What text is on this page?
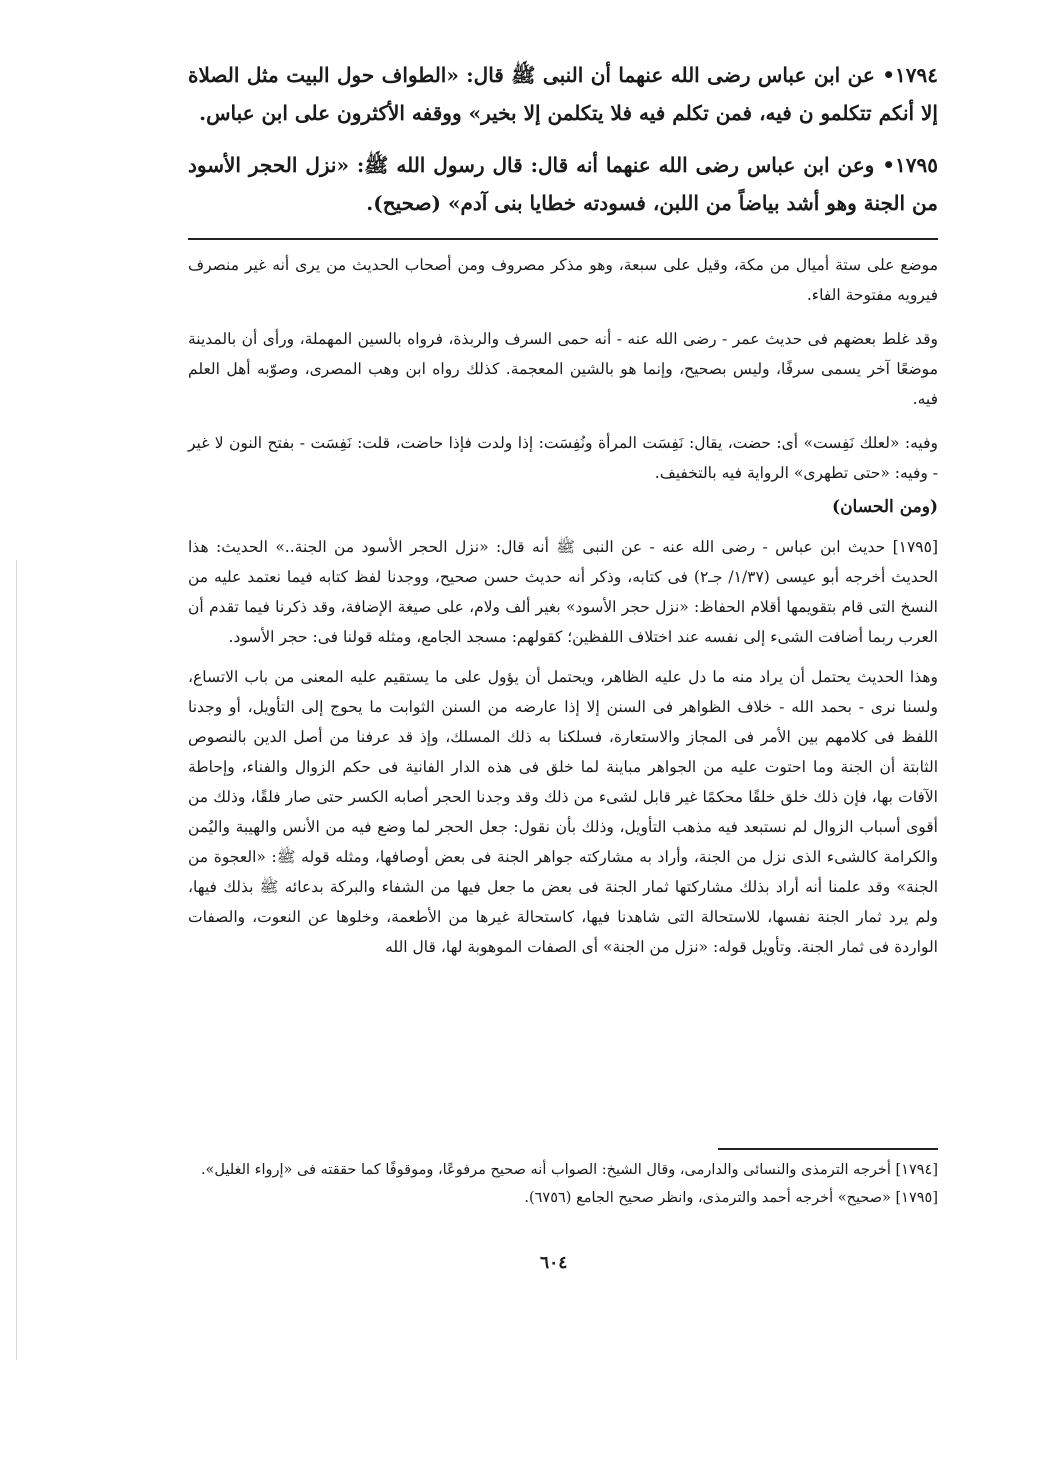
١٧٩٤• عن ابن عباس رضى الله عنهما أن النبى ﷺ قال: «الطواف حول البيت مثل الصلاة إلا أنكم تتكلمو ن فيه، فمن تكلم فيه فلا يتكلمن إلا بخير» ووقفه الأكثرون على ابن عباس.

١٧٩٥• وعن ابن عباس رضى الله عنهما أنه قال: قال رسول الله ﷺ: «نزل الحجر الأسود من الجنة وهو أشد بياضاً من اللبن، فسودته خطايا بنى آدم» (صحيح).

موضع على ستة أميال من مكة، وقيل على سبعة، وهو مذكر مصروف ومن أصحاب الحديث من يرى أنه غير منصرف فيرويه مفتوحة الفاء.

وقد غلط بعضهم فى حديث عمر - رضى الله عنه - أنه حمى السرف والربذة، فرواه بالسين المهملة، ورأى أن بالمدينة موضعًا آخر يسمى سرفًا، وليس بصحيح، وإنما هو بالشين المعجمة. كذلك رواه ابن وهب المصرى، وصوّبه أهل العلم فيه.

وفيه: «لعلك نَفِست» أى: حضت، يقال: نَفِسَت المرأة ونُفِسَت: إذا ولدت فإذا حاضت، قلت: نَفِسَت - بفتح النون لا غير - وفيه: «حتى تطهرى» الرواية فيه بالتخفيف.

(ومن الحسان)

[١٧٩٥] حديث ابن عباس - رضى الله عنه - عن النبى ﷺ أنه قال: «نزل الحجر الأسود من الجنة..» الحديث: هذا الحديث أخرجه أبو عيسى (١/٣٧/ جـ٢) فى كتابه، وذكر أنه حديث حسن صحيح، ووجدنا لفظ كتابه فيما نعتمد عليه من النسخ التى قام بتقويمها أقلام الحفاظ: «نزل حجر الأسود» بغير ألف ولام، على صيغة الإضافة، وقد ذكرنا فيما تقدم أن العرب ربما أضافت الشىء إلى نفسه عند اختلاف اللفظين؛ كقولهم: مسجد الجامع، ومثله قولنا فى: حجر الأسود.

وهذا الحديث يحتمل أن يراد منه ما دل عليه الظاهر، ويحتمل أن يؤول على ما يستقيم عليه المعنى من باب الاتساع، ولسنا نرى - بحمد الله - خلاف الظواهر فى السنن إلا إذا عارضه من السنن الثوابت ما يحوج إلى التأويل، أو وجدنا اللفظ فى كلامهم بين الأمر فى المجاز والاستعارة، فسلكنا به ذلك المسلك، وإذ قد عرفنا من أصل الدين بالنصوص الثابتة أن الجنة وما احتوت عليه من الجواهر مباينة لما خلق فى هذه الدار الفانية فى حكم الزوال والفناء، وإحاطة الآفات بها، فإن ذلك خلق خلقًا محكمًا غير قابل لشىء من ذلك وقد وجدنا الحجر أصابه الكسر حتى صار فلقًا، وذلك من أقوى أسباب الزوال لم نستبعد فيه مذهب التأويل، وذلك بأن نقول: جعل الحجر لما وضع فيه من الأنس والهيبة واليُمن والكرامة كالشىء الذى نزل من الجنة، وأراد به مشاركته جواهر الجنة فى بعض أوصافها، ومثله قوله ﷺ: «العجوة من الجنة» وقد علمنا أنه أراد بذلك مشاركتها ثمار الجنة فى بعض ما جعل فيها من الشفاء والبركة بدعائه ﷺ بذلك فيها، ولم يرد ثمار الجنة نفسها، للاستحالة التى شاهدنا فيها، كاستحالة غيرها من الأطعمة، وخلوها عن النعوت، والصفات الواردة فى ثمار الجنة. وتأويل قوله: «نزل من الجنة» أى الصفات الموهوبة لها، قال الله

[١٧٩٤] أخرجه الترمذى والنسائى والدارمى، وقال الشيخ: الصواب أنه صحيح مرفوعًا، وموقوفًا كما حققته فى «إرواء الغليل».

[١٧٩٥] «صحيح» أخرجه أحمد والترمذى، وانظر صحيح الجامع (٦٧٥٦).

٦٠٤
